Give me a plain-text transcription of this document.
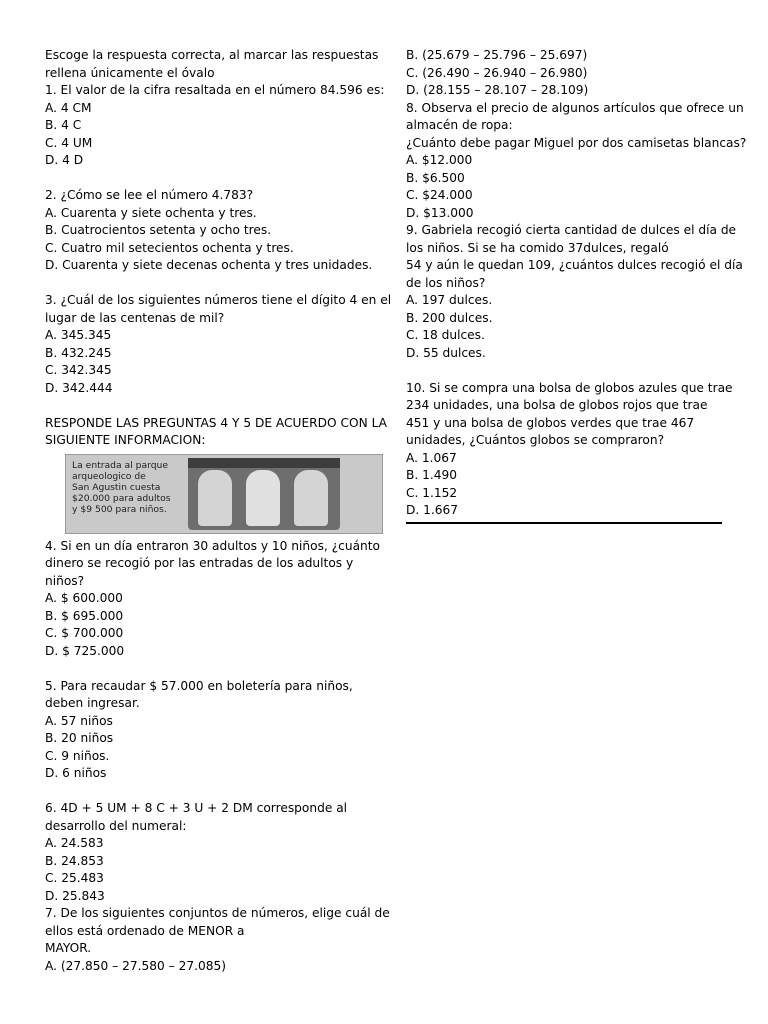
Escoge la respuesta correcta, al marcar las respuestas
rellena únicamente el óvalo
1. El valor de la cifra resaltada en el número 84.596 es:
A. 4 CM
B. 4 C
C. 4 UM
D. 4 D
2. ¿Cómo se lee el número 4.783?
A. Cuarenta y siete ochenta y tres.
B. Cuatrocientos setenta y ocho tres.
C. Cuatro mil setecientos ochenta y tres.
D. Cuarenta y siete decenas ochenta y tres unidades.
3. ¿Cuál de los siguientes números tiene el dígito 4 en el
lugar de las centenas de mil?
A. 345.345
B. 432.245
C. 342.345
D. 342.444
RESPONDE LAS PREGUNTAS 4 Y 5 DE ACUERDO CON LA
SIGUIENTE INFORMACION:
La entrada al parque
arqueologico de
San Agustin cuesta
$20.000 para adultos
y $9 500 para niños.
4. Si en un día entraron 30 adultos y 10 niños, ¿cuánto
dinero se recogió por las entradas de los adultos y
niños?
A. $ 600.000
B. $ 695.000
C. $ 700.000
D. $ 725.000
5. Para recaudar $ 57.000 en boletería para niños,
deben ingresar.
A. 57 niños
B. 20 niños
C. 9 niños.
D. 6 niños
6. 4D + 5 UM + 8 C + 3 U + 2 DM corresponde al
desarrollo del numeral:
A. 24.583
B. 24.853
C. 25.483
D. 25.843
7. De los siguientes conjuntos de números, elige cuál de
ellos está ordenado de MENOR a
MAYOR.
A. (27.850 – 27.580 – 27.085)
B. (25.679 – 25.796 – 25.697)
C. (26.490 – 26.940 – 26.980)
D. (28.155 – 28.107 – 28.109)
8. Observa el precio de algunos artículos que ofrece un
almacén de ropa:
¿Cuánto debe pagar Miguel por dos camisetas blancas?
A. $12.000
B. $6.500
C. $24.000
D. $13.000
9. Gabriela recogió cierta cantidad de dulces el día de
los niños. Si se ha comido 37dulces, regaló
54 y aún le quedan 109, ¿cuántos dulces recogió el día
de los niños?
A. 197 dulces.
B. 200 dulces.
C. 18 dulces.
D. 55 dulces.
10. Si se compra una bolsa de globos azules que trae
234 unidades, una bolsa de globos rojos que trae
451 y una bolsa de globos verdes que trae 467
unidades, ¿Cuántos globos se compraron?
A. 1.067
B. 1.490
C. 1.152
D. 1.667
